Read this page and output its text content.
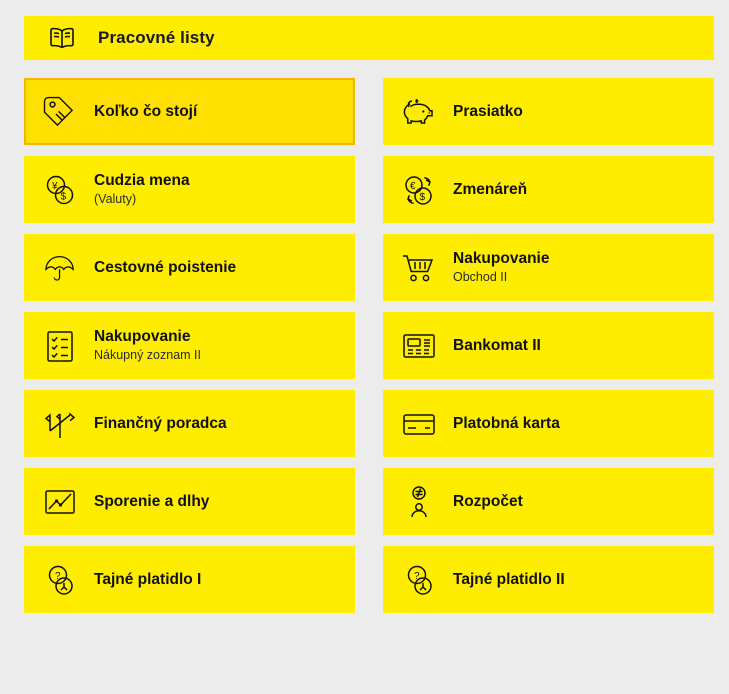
Pracovné listy
Koľko čo stojí
€
Prasiatko
¥
$
Cudzia mena
(Valuty)
€
$ Zmenáreň
Cestovné poistenie	Nakupovanie
Obchod II
Nakupovanie
Nákupný zoznam II
Bankomat II
Finančný poradca	Platobná karta
Sporenie a dlhy	Rozpočet
? Tajné platidlo I	? Tajné platidlo II
